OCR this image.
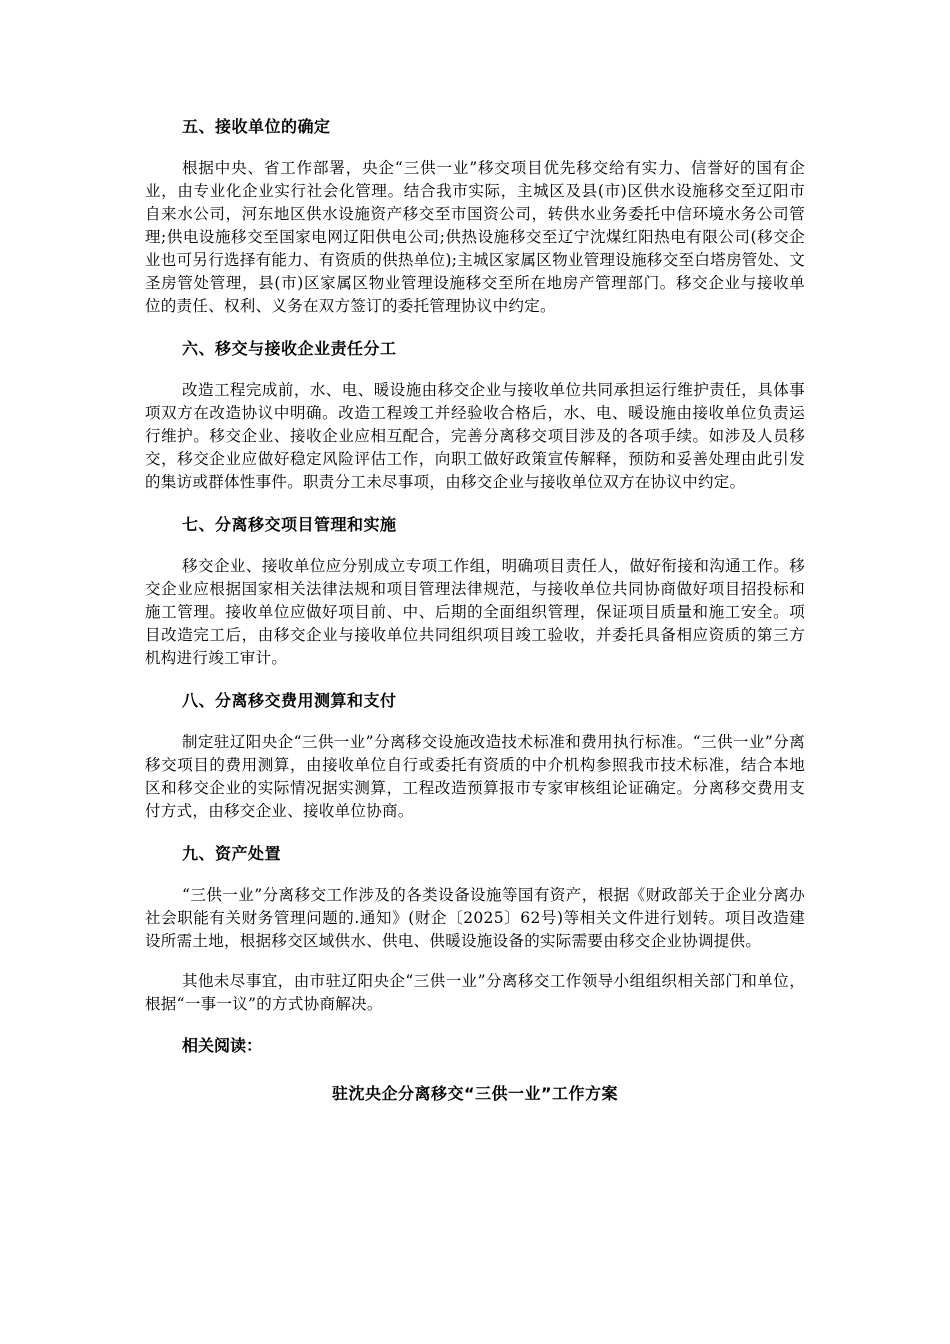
五、接收单位的确定

根据中央、省工作部署，央企“三供一业”移交项目优先移交给有实力、信誉好的国有企业，由专业化企业实行社会化管理。结合我市实际，主城区及县(市)区供水设施移交至辽阳市自来水公司，河东地区供水设施资产移交至市国资公司，转供水业务委托中信环境水务公司管理;供电设施移交至国家电网辽阳供电公司;供热设施移交至辽宁沈煤红阳热电有限公司(移交企业也可另行选择有能力、有资质的供热单位);主城区家属区物业管理设施移交至白塔房管处、文圣房管处管理，县(市)区家属区物业管理设施移交至所在地房产管理部门。移交企业与接收单位的责任、权利、义务在双方签订的委托管理协议中约定。

六、移交与接收企业责任分工

改造工程完成前，水、电、暖设施由移交企业与接收单位共同承担运行维护责任，具体事项双方在改造协议中明确。改造工程竣工并经验收合格后，水、电、暖设施由接收单位负责运行维护。移交企业、接收企业应相互配合，完善分离移交项目涉及的各项手续。如涉及人员移交，移交企业应做好稳定风险评估工作，向职工做好政策宣传解释，预防和妥善处理由此引发的集访或群体性事件。职责分工未尽事项，由移交企业与接收单位双方在协议中约定。

七、分离移交项目管理和实施

移交企业、接收单位应分别成立专项工作组，明确项目责任人，做好衔接和沟通工作。移交企业应根据国家相关法律法规和项目管理法律规范，与接收单位共同协商做好项目招投标和施工管理。接收单位应做好项目前、中、后期的全面组织管理，保证项目质量和施工安全。项目改造完工后，由移交企业与接收单位共同组织项目竣工验收，并委托具备相应资质的第三方机构进行竣工审计。

八、分离移交费用测算和支付

制定驻辽阳央企“三供一业”分离移交设施改造技术标准和费用执行标准。“三供一业”分离移交项目的费用测算，由接收单位自行或委托有资质的中介机构参照我市技术标准，结合本地区和移交企业的实际情况据实测算，工程改造预算报市专家审核组论证确定。分离移交费用支付方式，由移交企业、接收单位协商。

九、资产处置

“三供一业”分离移交工作涉及的各类设备设施等国有资产，根据《财政部关于企业分离办社会职能有关财务管理问题的.通知》(财企〔2025〕62号)等相关文件进行划转。项目改造建设所需土地，根据移交区域供水、供电、供暖设施设备的实际需要由移交企业协调提供。

其他未尽事宜，由市驻辽阳央企“三供一业”分离移交工作领导小组组织相关部门和单位，根据“一事一议”的方式协商解决。

相关阅读：
驻沈央企分离移交“三供一业”工作方案
